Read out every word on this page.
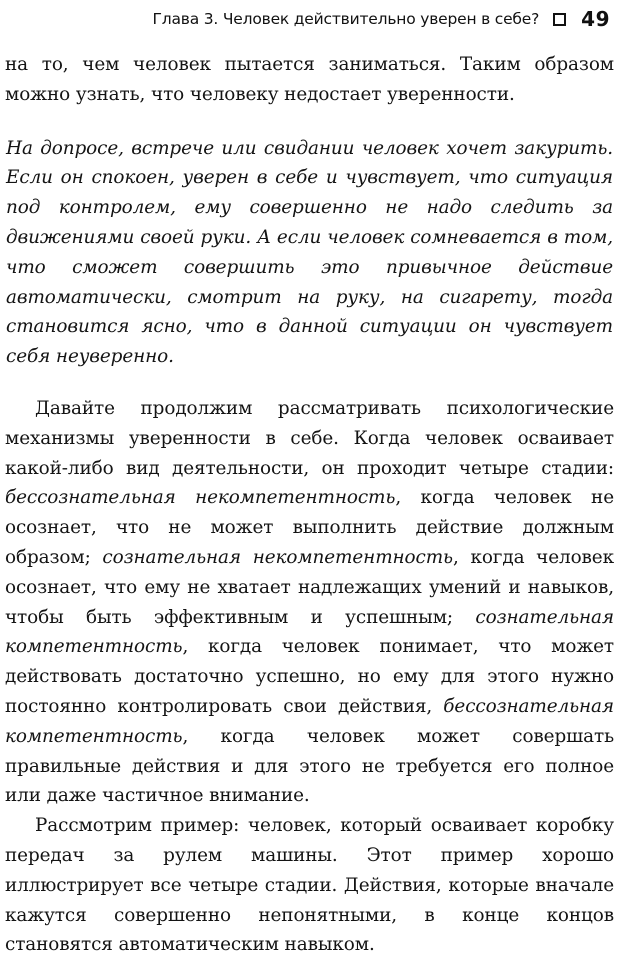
Глава 3. Человек действительно уверен в себе? 49

на то, чем человек пытается заниматься. Таким образом можно узнать, что человеку недостает уверенности.

На допросе, встрече или свидании человек хочет закурить. Если он спокоен, уверен в себе и чувствует, что ситуация под контролем, ему совершенно не надо следить за движениями своей руки. А если человек сомневается в том, что сможет совершить это привычное действие автоматически, смотрит на руку, на сигарету, тогда становится ясно, что в данной ситуации он чувствует себя неуверенно.

Давайте продолжим рассматривать психологические механизмы уверенности в себе. Когда человек осваивает какой-либо вид деятельности, он проходит четыре стадии: бессознательная некомпетентность, когда человек не осознает, что не может выполнить действие должным образом; сознательная некомпетентность, когда человек осознает, что ему не хватает надлежащих умений и навыков, чтобы быть эффективным и успешным; сознательная компетентность, когда человек понимает, что может действовать достаточно успешно, но ему для этого нужно постоянно контролировать свои действия, бессознательная компетентность, когда человек может совершать правильные действия и для этого не требуется его полное или даже частичное внимание.

Рассмотрим пример: человек, который осваивает коробку передач за рулем машины. Этот пример хорошо иллюстрирует все четыре стадии. Действия, которые вначале кажутся совершенно непонятными, в конце концов становятся автоматическим навыком.
